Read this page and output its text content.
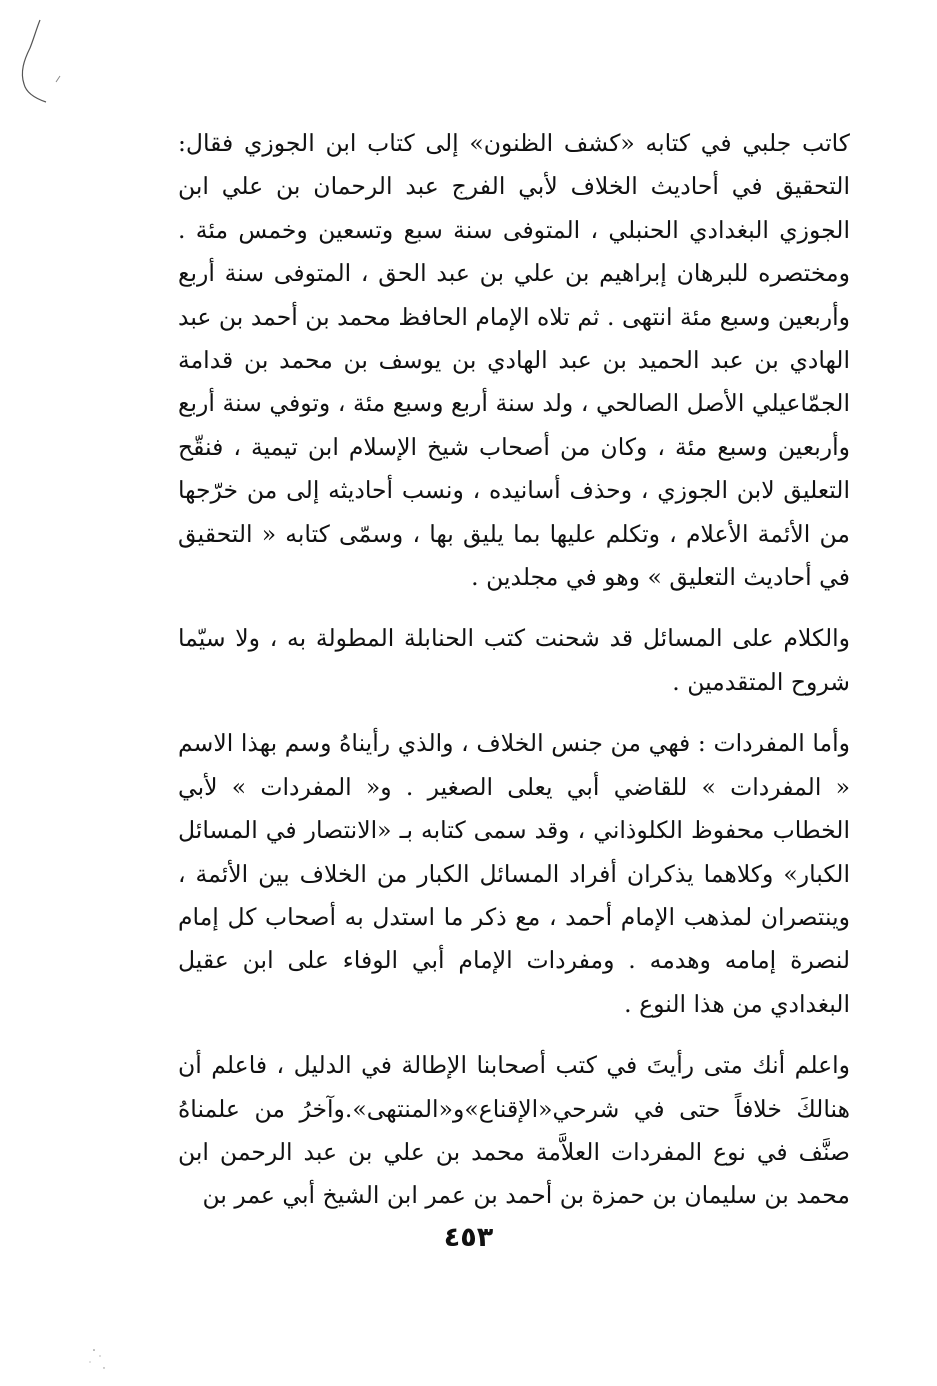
كاتب جلبي في كتابه «كشف الظنون» إلى كتاب ابن الجوزي فقال: التحقيق في أحاديث الخلاف لأبي الفرج عبد الرحمان بن علي ابن الجوزي البغدادي الحنبلي ، المتوفى سنة سبع وتسعين وخمس مئة . ومختصره للبرهان إبراهيم بن علي بن عبد الحق ، المتوفى سنة أربع وأربعين وسبع مئة انتهى . ثم تلاه الإمام الحافظ محمد بن أحمد بن عبد الهادي بن عبد الحميد بن عبد الهادي بن يوسف بن محمد بن قدامة الجمّاعيلي الأصل الصالحي ، ولد سنة أربع وسبع مئة ، وتوفي سنة أربع وأربعين وسبع مئة ، وكان من أصحاب شيخ الإسلام ابن تيمية ، فنقّح التعليق لابن الجوزي ، وحذف أسانيده ، ونسب أحاديثه إلى من خرّجها من الأئمة الأعلام ، وتكلم عليها بما يليق بها ، وسمّى كتابه « التحقيق في أحاديث التعليق » وهو في مجلدين .

والكلام على المسائل قد شحنت كتب الحنابلة المطولة به ، ولا سيّما شروح المتقدمين .

وأما المفردات : فهي من جنس الخلاف ، والذي رأيناهُ وسم بهذا الاسم « المفردات » للقاضي أبي يعلى الصغير . و« المفردات » لأبي الخطاب محفوظ الكلوذاني ، وقد سمى كتابه بـ «الانتصار في المسائل الكبار» وكلاهما يذكران أفراد المسائل الكبار من الخلاف بين الأئمة ، وينتصران لمذهب الإمام أحمد ، مع ذكر ما استدل به أصحاب كل إمام لنصرة إمامه وهدمه . ومفردات الإمام أبي الوفاء على ابن عقيل البغدادي من هذا النوع .

واعلم أنك متى رأيتَ في كتب أصحابنا الإطالة في الدليل ، فاعلم أن هنالكَ خلافاً حتى في شرحي«الإقناع»و«المنتهى».وآخرُ من علمناهُ صنَّف في نوع المفردات العلاَّمة محمد بن علي بن عبد الرحمن ابن محمد بن سليمان بن حمزة بن أحمد بن عمر ابن الشيخ أبي عمر بن

٤٥٣
